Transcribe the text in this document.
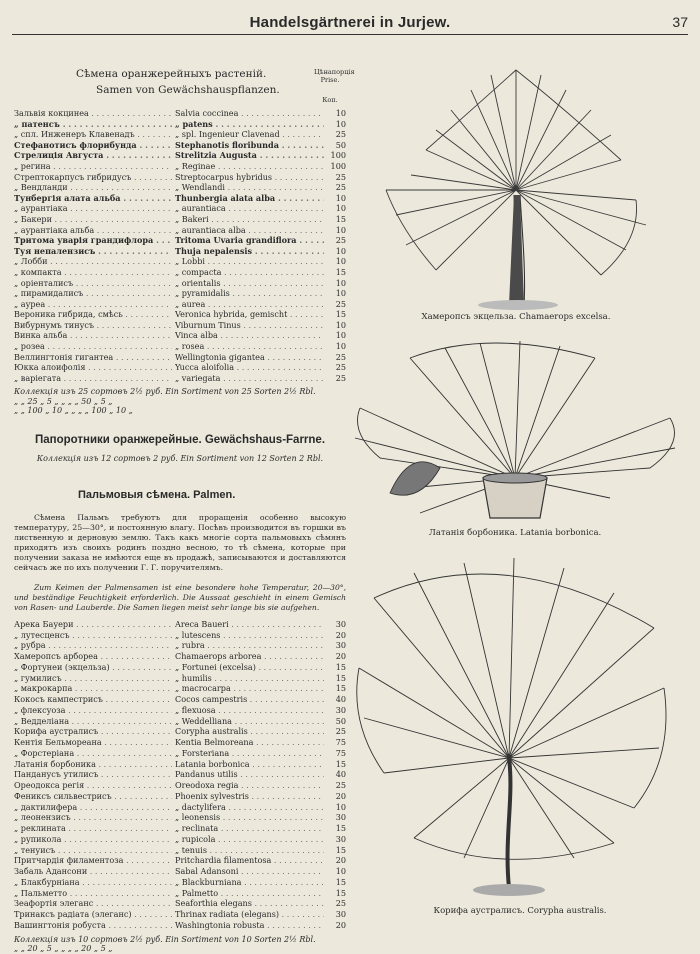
Handelsgärtnerei in Jurjew.	37
Сѣмена оранжерейныхъ растеній.
Samen von Gewächshauspflanzen.
Цѣнапорція Prise.
Коп.
Зальвія кокцинеа . . .	Salvia coccinea . . .	10
„ патенсъ . . .	„ patens . . .	10
„ спл. Инженеръ Клавенадъ . . .	„ spl. Ingenieur Clavenad . . .	25
Стефанотисъ флорибунда . . .	Stephanotis floribunda . . .	50
Стрелиція Августа . . .	Strelitzia Augusta . . .	100
„ регина . . .	„ Reginae . . .	100
Стрептокарпусъ гибридусъ . . .	Streptocarpus hybridus . . .	25
„ Вендланди . . .	„ Wendlandi . . .	25
Тунбергія алата альба . . .	Thunbergia alata alba . . .	10
„ аурантіака . . .	„ aurantiaca . . .	10
„ Бакери . . .	„ Bakeri . . .	15
„ аурантіака альба . . .	„ aurantiaca alba . . .	10
Тритома уварія грандифлора . . .	Tritoma Uvaria grandiflora . . .	25
Туя непалензисъ . . .	Thuja nepalensis . . .	10
„ Лобби . . .	„ Lobbi . . .	10
„ компакта . . .	„ compacta . . .	15
„ оріенталисъ . . .	„ orientalis . . .	10
„ пирамидалисъ . . .	„ pyramidalis . . .	10
„ ауреа . . .	„ aurea . . .	25
Вероника гибрида, смѣсь . . .	Veronica hybrida, gemischt . . .	15
Вибурнумъ тинусъ . . .	Viburnum Tinus . . .	10
Винка альба . . .	Vinca alba . . .	10
„ розеа . . .	„ rosea . . .	10
Веллингтонія гигантеа . . .	Wellingtonia gigantea . . .	25
Юкка алоифолія . . .	Yucca aloifolia . . .	25
„ варіегата . . .	„ variegata . . .	25
Коллекція изъ 25 сортовъ 2½ руб. Ein Sortiment von 25 Sorten 2½ Rbl.
„ „ 25 „ 5 „ „ „ „ 50 „ 5 „
„ „ 100 „ 10 „ „ „ „ 100 „ 10 „
Папоротники оранжерейные. Gewächshaus-Farrne.
Коллекція изъ 12 сортовъ 2 руб. Ein Sortiment von 12 Sorten 2 Rbl.
Пальмовыя сѣмена. Palmen.
Сѣмена Пальмъ требуютъ для проращенія особенно высокую температуру, 25—30°, и постоянную влагу. Посѣвъ производится въ горшки въ лиственную и дерновую землю. Такъ какъ многіе сорта пальмовыхъ сѣмянъ приходятъ изъ своихъ родинъ поздно весною, то тѣ сѣмена, которые при получении заказа не имѣются еще въ продажѣ, записываются и доставляются сейчасъ же по ихъ получении Г. Г. поручителямъ.
Zum Keimen der Palmensamen ist eine besondere hohe Temperatur, 20—30°, und beständige Feuchtigkeit erforderlich. Die Aussaat geschieht in einem Gemisch von Rasen- und Lauberde. Die Samen liegen meist sehr lange bis sie aufgehen.
Арека Бауери . . .	Areca Baueri . . .	30
„ лутесценсъ . . .	„ lutescens . . .	20
„ рубра . . .	„ rubra . . .	30
Хамеропсъ арбореа . . .	Chamaerops arborea . . .	20
„ Фортунеи (экцельза) . . .	„ Fortunei (excelsa) . . .	15
„ гумилисъ . . .	„ humilis . . .	15
„ макрокарпа . . .	„ macrocarpa . . .	15
Кокосъ кампестрисъ . . .	Cocos campestris . . .	40
„ флексуоза . . .	„ flexuosa . . .	30
„ Ведделіана . . .	„ Weddelliana . . .	50
Корифа аустралисъ . . .	Corypha australis . . .	25
Кентія Бельмореана . . .	Kentia Belmoreana . . .	75
„ Форстеріана . . .	„ Forsteriana . . .	75
Латанія борбоника . . .	Latania borbonica . . .	15
Панданусъ утилисъ . . .	Pandanus utilis . . .	40
Ореодокса регія . . .	Oreodoxa regia . . .	25
Фениксъ сильвестрисъ . . .	Phoenix sylvestris . . .	20
„ дактилифера . . .	„ dactylifera . . .	10
„ леонензисъ . . .	„ leonensis . . .	30
„ реклината . . .	„ reclinata . . .	15
„ рупикола . . .	„ rupicola . . .	30
„ тенуисъ . . .	„ tenuis . . .	15
Притчардія филаментоза . . .	Pritchardia filamentosa . . .	20
Забаль Адансони . . .	Sabal Adansoni . . .	10
„ Блакбурніана . . .	„ Blackburniana . . .	15
„ Пальметто . . .	„ Palmetto . . .	15
Зеафортія элеганс . . .	Seaforthia elegans . . .	25
Тринаксъ радіата (элеганс) . . .	Thrinax radiata (elegans) . . .	30
Вашингтонія робуста . . .	Washingtonia robusta . . .	20
Коллекція изъ 10 сортовъ 2½ руб. Ein Sortiment von 10 Sorten 2½ Rbl.
„ „ 20 „ 5 „ „ „ „ 20 „ 5 „
Хамеропсъ экцельза. Chamaerops excelsa.
Латанія борбоника. Latania borbonica.
Корифа аустралисъ. Corypha australis.
